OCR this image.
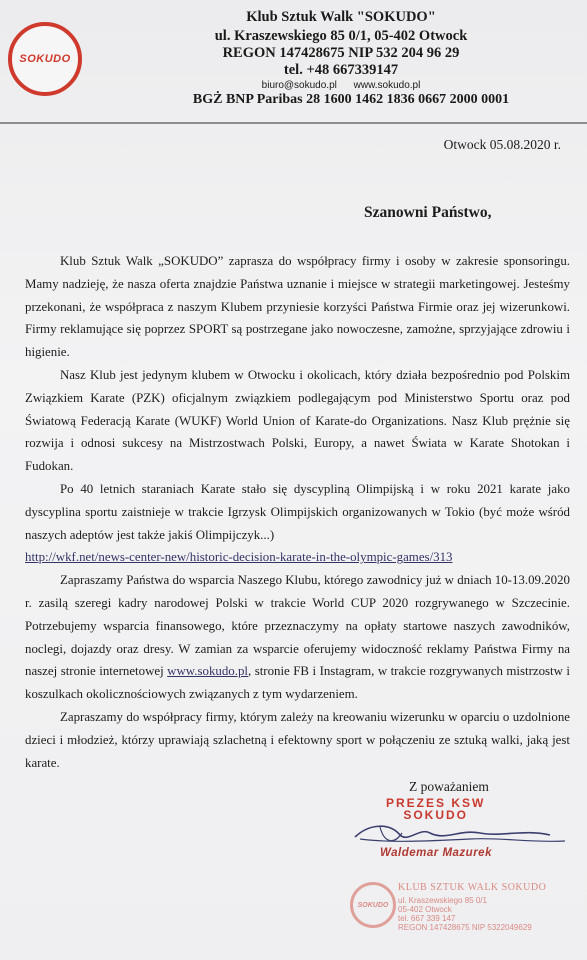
SOKUDO
Klub Sztuk Walk "SOKUDO"
ul. Kraszewskiego 85 0/1, 05-402 Otwock
REGON 147428675 NIP 532 204 96 29
tel. +48 667339147
biuro@sokudo.pl www.sokudo.pl
BGŻ BNP Paribas 28 1600 1462 1836 0667 2000 0001
Otwock 05.08.2020 r.
Szanowni Państwo,

Klub Sztuk Walk „SOKUDO” zaprasza do współpracy firmy i osoby w zakresie sponsoringu. Mamy nadzieję, że nasza oferta znajdzie Państwa uznanie i miejsce w strategii marketingowej. Jesteśmy przekonani, że współpraca z naszym Klubem przyniesie korzyści Państwa Firmie oraz jej wizerunkowi. Firmy reklamujące się poprzez SPORT są postrzegane jako nowoczesne, zamożne, sprzyjające zdrowiu i higienie.

Nasz Klub jest jedynym klubem w Otwocku i okolicach, który działa bezpośrednio pod Polskim Związkiem Karate (PZK) oficjalnym związkiem podlegającym pod Ministerstwo Sportu oraz pod Światową Federacją Karate (WUKF) World Union of Karate-do Organizations. Nasz Klub prężnie się rozwija i odnosi sukcesy na Mistrzostwach Polski, Europy, a nawet Świata w Karate Shotokan i Fudokan.

Po 40 letnich staraniach Karate stało się dyscypliną Olimpijską i w roku 2021 karate jako dyscyplina sportu zaistnieje w trakcie Igrzysk Olimpijskich organizowanych w Tokio (być może wśród naszych adeptów jest także jakiś Olimpijczyk...)

http://wkf.net/news-center-new/historic-decision-karate-in-the-olympic-games/313

Zapraszamy Państwa do wsparcia Naszego Klubu, którego zawodnicy już w dniach 10-13.09.2020 r. zasilą szeregi kadry narodowej Polski w trakcie World CUP 2020 rozgrywanego w Szczecinie. Potrzebujemy wsparcia finansowego, które przeznaczymy na opłaty startowe naszych zawodników, noclegi, dojazdy oraz dresy. W zamian za wsparcie oferujemy widoczność reklamy Państwa Firmy na naszej stronie internetowej www.sokudo.pl, stronie FB i Instagram, w trakcie rozgrywanych mistrzostw i koszulkach okolicznościowych związanych z tym wydarzeniem.

Zapraszamy do współpracy firmy, którym zależy na kreowaniu wizerunku w oparciu o uzdolnione dzieci i młodzież, którzy uprawiają szlachetną i efektowny sport w połączeniu ze sztuką walki, jaką jest karate.

Z poważaniem
PREZES KSW
SOKUDO
Waldemar Mazurek
SOKUDO
KLUB SZTUK WALK SOKUDO
ul. Kraszewskiego 85 0/1
05-402 Otwock
tel. 667 339 147
REGON 147428675 NIP 5322049629
